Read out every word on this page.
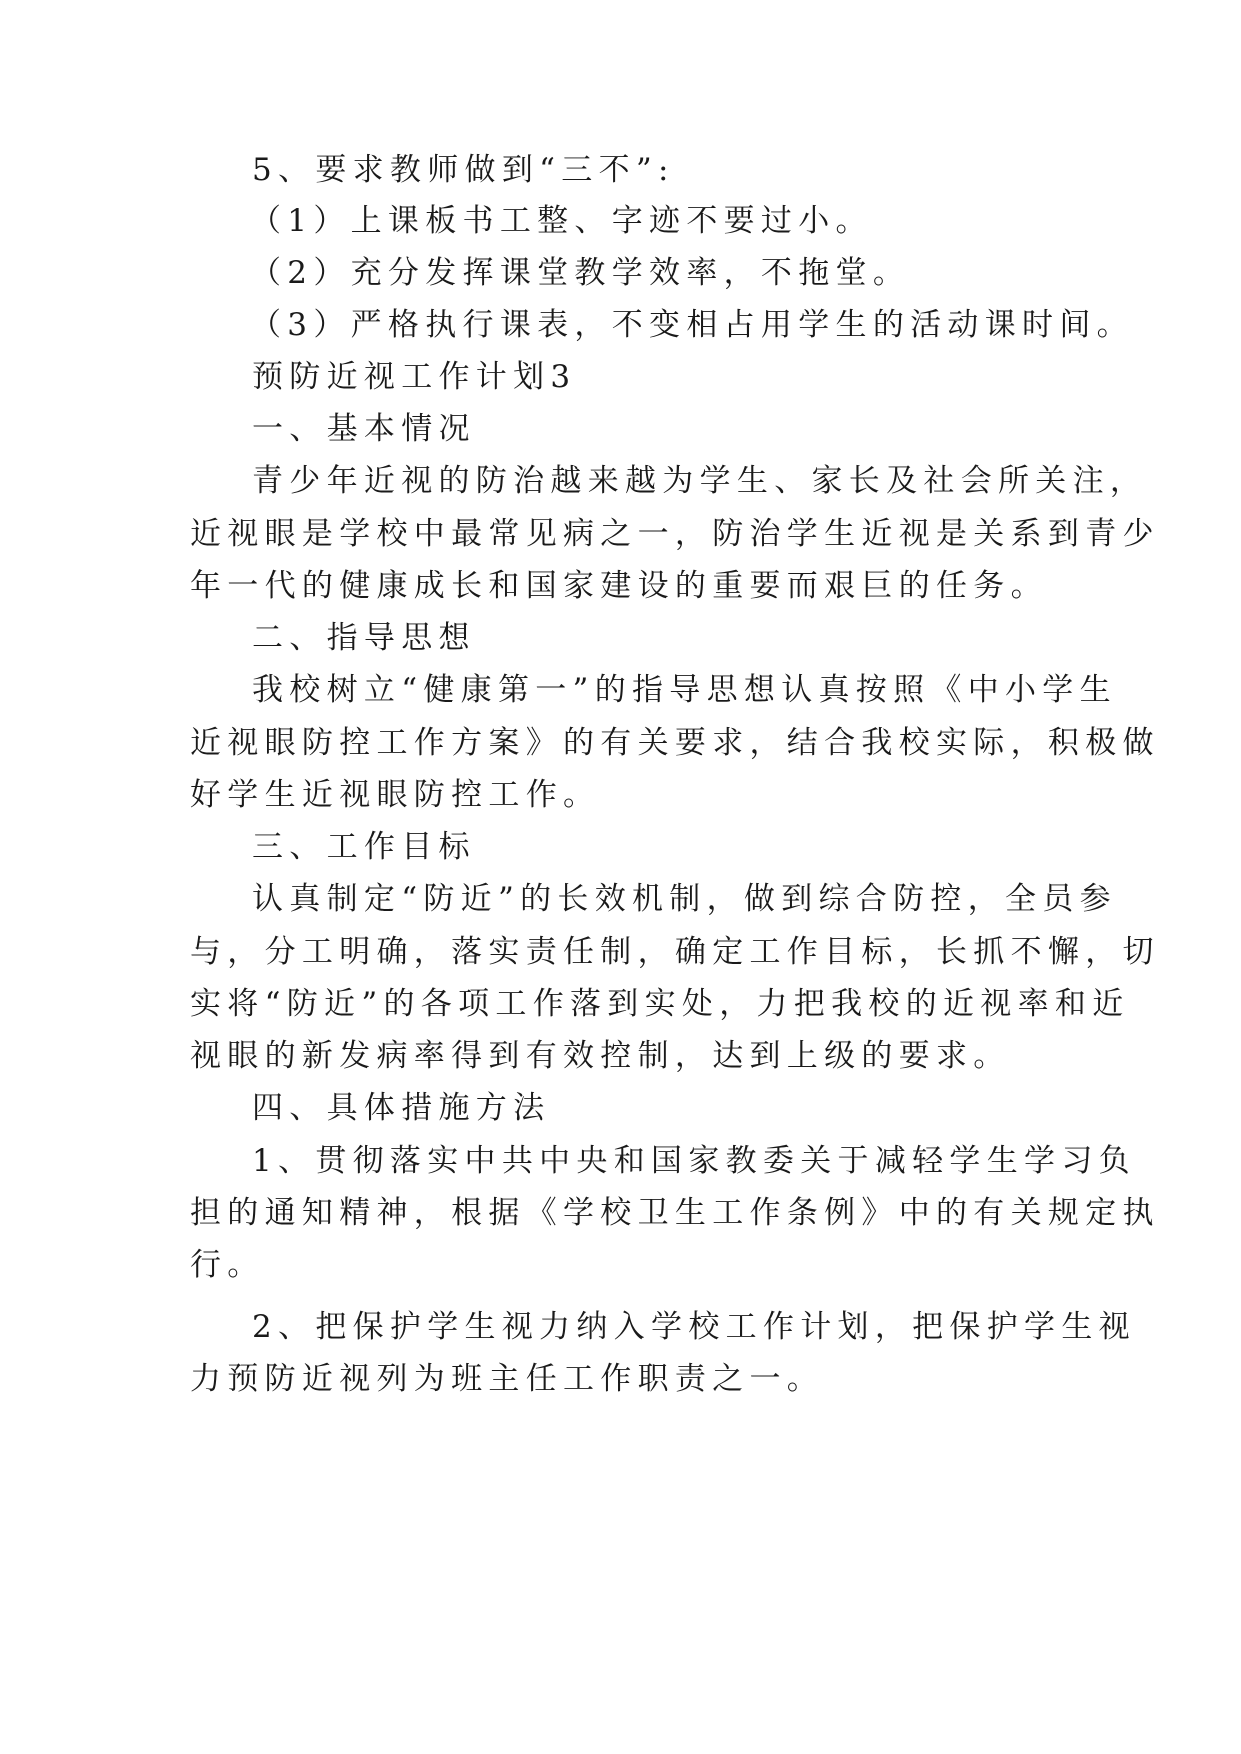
5、要求教师做到“三不”:

（1）上课板书工整、字迹不要过小。

（2）充分发挥课堂教学效率，不拖堂。

（3）严格执行课表，不变相占用学生的活动课时间。

预防近视工作计划3

一、基本情况

青少年近视的防治越来越为学生、家长及社会所关注，

近视眼是学校中最常见病之一，防治学生近视是关系到青少

年一代的健康成长和国家建设的重要而艰巨的任务。

二、指导思想

我校树立“健康第一”的指导思想认真按照《中小学生

近视眼防控工作方案》的有关要求，结合我校实际，积极做

好学生近视眼防控工作。

三、工作目标

认真制定“防近”的长效机制，做到综合防控，全员参

与，分工明确，落实责任制，确定工作目标，长抓不懈，切

实将“防近”的各项工作落到实处，力把我校的近视率和近

视眼的新发病率得到有效控制，达到上级的要求。

四、具体措施方法

1、贯彻落实中共中央和国家教委关于减轻学生学习负

担的通知精神，根据《学校卫生工作条例》中的有关规定执

行。

2、把保护学生视力纳入学校工作计划，把保护学生视

力预防近视列为班主任工作职责之一。
